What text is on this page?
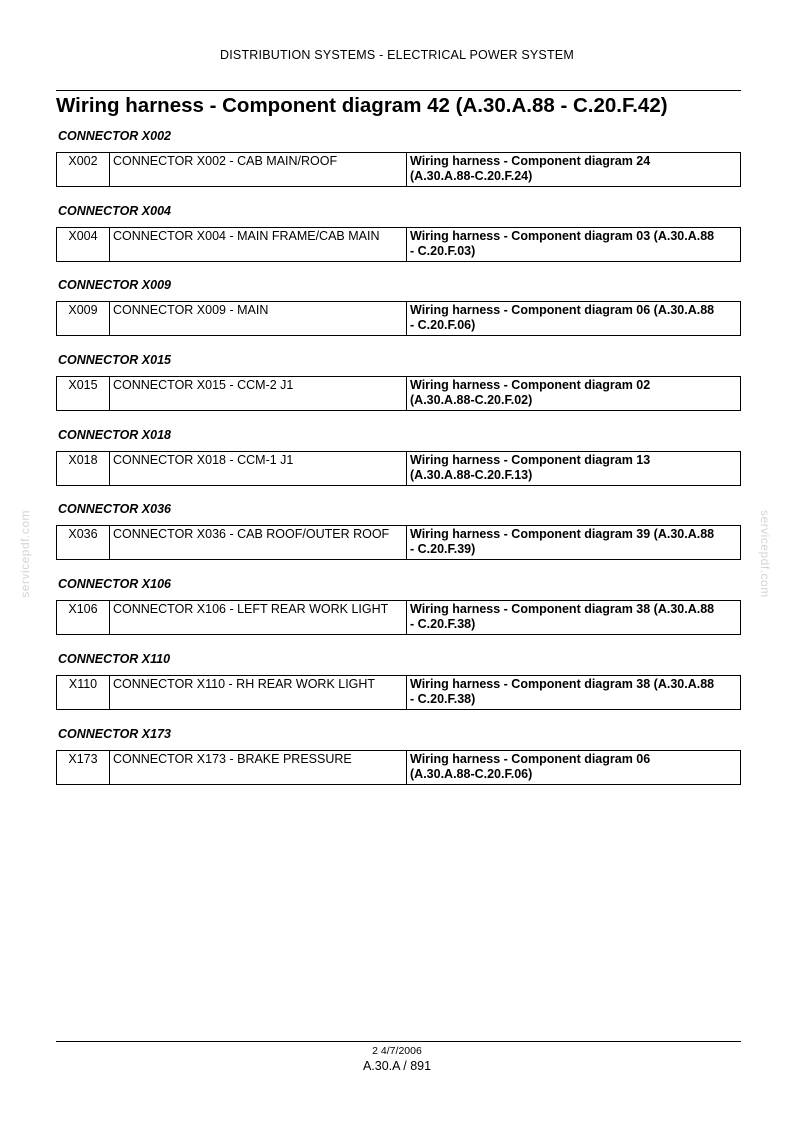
DISTRIBUTION SYSTEMS - ELECTRICAL POWER SYSTEM
Wiring harness - Component diagram 42 (A.30.A.88 - C.20.F.42)
servicepdf.com	servicepdf.com
CONNECTOR X002
X002	CONNECTOR X002 - CAB MAIN/ROOF	Wiring harness - Component diagram 24
(A.30.A.88-C.20.F.24)
CONNECTOR X004
X004	CONNECTOR X004 - MAIN FRAME/CAB MAIN	Wiring harness - Component diagram 03 (A.30.A.88
- C.20.F.03)
CONNECTOR X009
X009	CONNECTOR X009 - MAIN	Wiring harness - Component diagram 06 (A.30.A.88
- C.20.F.06)
CONNECTOR X015
X015	CONNECTOR X015 - CCM-2 J1	Wiring harness - Component diagram 02
(A.30.A.88-C.20.F.02)
CONNECTOR X018
X018	CONNECTOR X018 - CCM-1 J1	Wiring harness - Component diagram 13
(A.30.A.88-C.20.F.13)
CONNECTOR X036
X036	CONNECTOR X036 - CAB ROOF/OUTER ROOF	Wiring harness - Component diagram 39 (A.30.A.88
- C.20.F.39)
CONNECTOR X106
X106	CONNECTOR X106 - LEFT REAR WORK LIGHT	Wiring harness - Component diagram 38 (A.30.A.88
- C.20.F.38)
CONNECTOR X110
X110	CONNECTOR X110 - RH REAR WORK LIGHT	Wiring harness - Component diagram 38 (A.30.A.88
- C.20.F.38)
CONNECTOR X173
X173	CONNECTOR X173 - BRAKE PRESSURE	Wiring harness - Component diagram 06
(A.30.A.88-C.20.F.06)
2 4/7/2006
A.30.A / 891
